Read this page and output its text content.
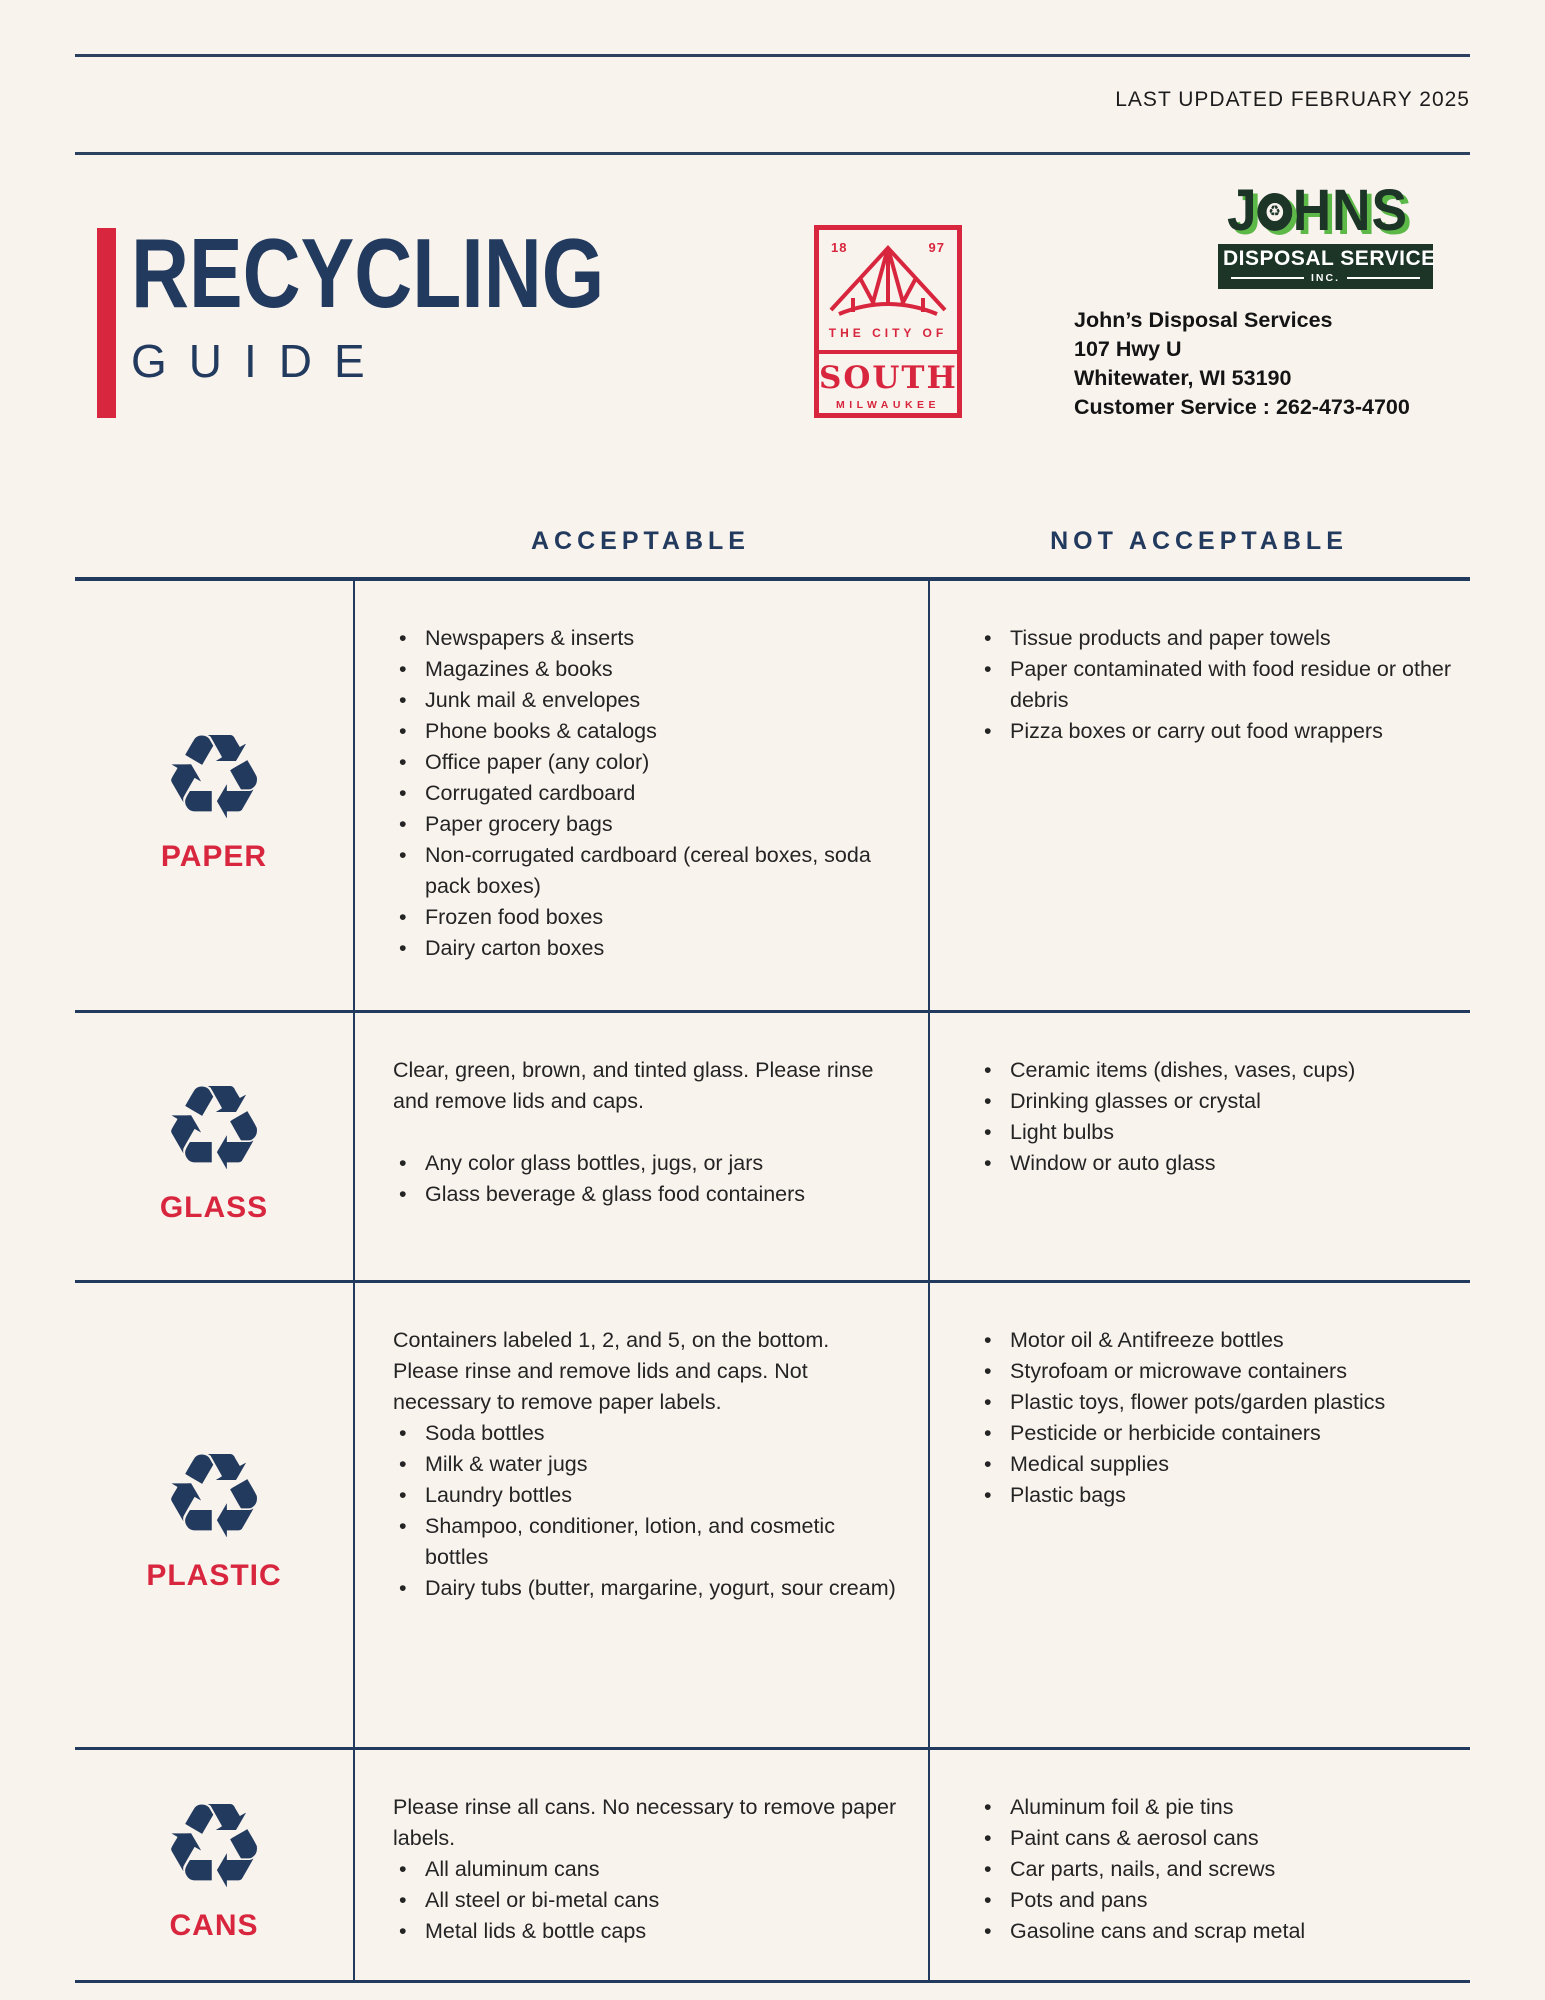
LAST UPDATED FEBRUARY 2025
RECYCLING
GUIDE
18	97
THE CITY OF
SOUTH
MILWAUKEE
J ♻ HNS
DISPOSAL SERVICE
INC.
John’s Disposal Services
107 Hwy U
Whitewater, WI 53190
Customer Service : 262-473-4700
ACCEPTABLE	NOT ACCEPTABLE
♻
PAPER
• Newspapers & inserts
• Magazines & books
• Junk mail & envelopes
• Phone books & catalogs
• Office paper (any color)
• Corrugated cardboard
• Paper grocery bags
• Non-corrugated cardboard (cereal boxes, soda pack boxes)
• Frozen food boxes
• Dairy carton boxes
• Tissue products and paper towels
• Paper contaminated with food residue or other debris
• Pizza boxes or carry out food wrappers
♻
GLASS
Clear, green, brown, and tinted glass. Please rinse and remove lids and caps.
• Any color glass bottles, jugs, or jars
• Glass beverage & glass food containers
• Ceramic items (dishes, vases, cups)
• Drinking glasses or crystal
• Light bulbs
• Window or auto glass
♻
PLASTIC
Containers labeled 1, 2, and 5, on the bottom. Please rinse and remove lids and caps. Not necessary to remove paper labels.
• Soda bottles
• Milk & water jugs
• Laundry bottles
• Shampoo, conditioner, lotion, and cosmetic bottles
• Dairy tubs (butter, margarine, yogurt, sour cream)
• Motor oil & Antifreeze bottles
• Styrofoam or microwave containers
• Plastic toys, flower pots/garden plastics
• Pesticide or herbicide containers
• Medical supplies
• Plastic bags
♻
CANS
Please rinse all cans. No necessary to remove paper labels.
• All aluminum cans
• All steel or bi-metal cans
• Metal lids & bottle caps
• Aluminum foil & pie tins
• Paint cans & aerosol cans
• Car parts, nails, and screws
• Pots and pans
• Gasoline cans and scrap metal
